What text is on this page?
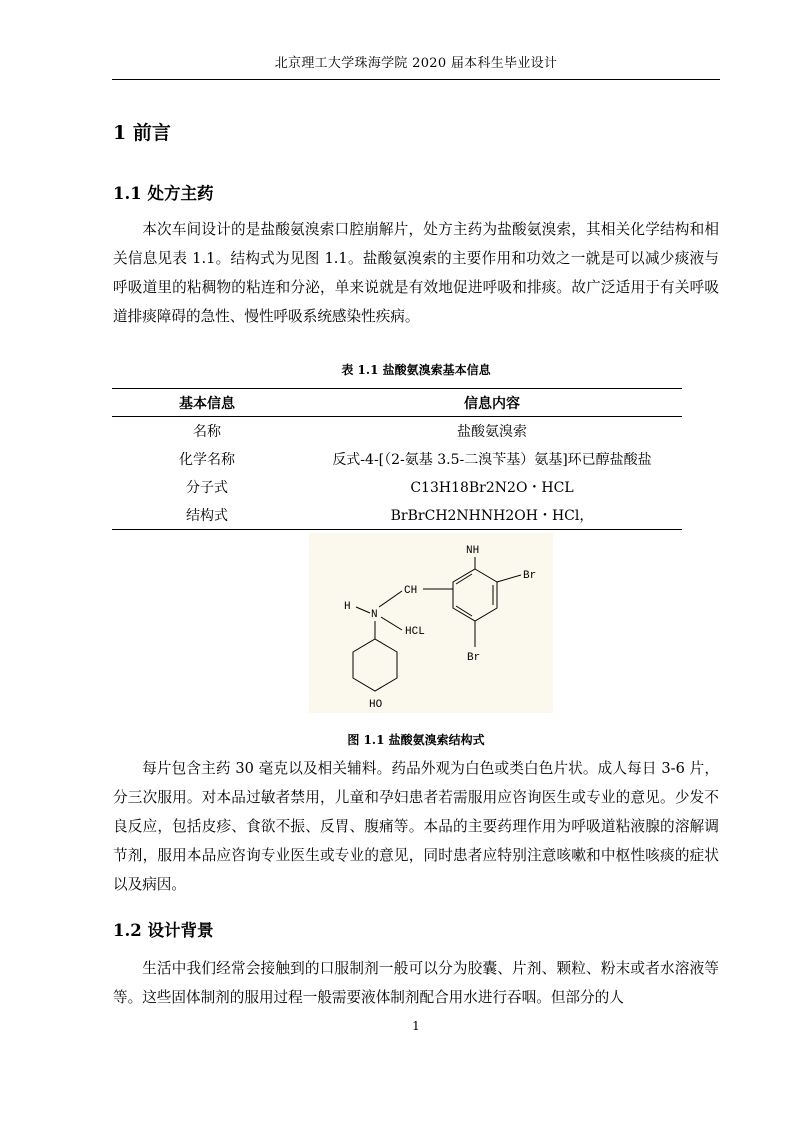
北京理工大学珠海学院 2020 届本科生毕业设计
1 前言
1.1 处方主药

本次车间设计的是盐酸氨溴索口腔崩解片，处方主药为盐酸氨溴索，其相关化学结构和相关信息见表 1.1。结构式为见图 1.1。盐酸氨溴索的主要作用和功效之一就是可以减少痰液与呼吸道里的粘稠物的粘连和分泌，单来说就是有效地促进呼吸和排痰。故广泛适用于有关呼吸道排痰障碍的急性、慢性呼吸系统感染性疾病。

表 1.1 盐酸氨溴索基本信息
基本信息	信息内容
名称	盐酸氨溴索
化学名称	反式-4-[（2-氨基 3.5-二溴苄基）氨基]环已醇盐酸盐
分子式	C13H18Br2N2O・HCL
结构式	BrBrCH2NHNH2OH・HCl，
NH
Br
CH
H
N
HCL
Br
HO
图 1.1 盐酸氨溴索结构式

每片包含主药 30 毫克以及相关辅料。药品外观为白色或类白色片状。成人每日 3-6 片，分三次服用。对本品过敏者禁用，儿童和孕妇患者若需服用应咨询医生或专业的意见。少发不良反应，包括皮疹、食欲不振、反胃、腹痛等。本品的主要药理作用为呼吸道粘液腺的溶解调节剂，服用本品应咨询专业医生或专业的意见，同时患者应特别注意咳嗽和中枢性咳痰的症状以及病因。

1.2 设计背景

生活中我们经常会接触到的口服制剂一般可以分为胶囊、片剂、颗粒、粉末或者水溶液等等。这些固体制剂的服用过程一般需要液体制剂配合用水进行吞咽。但部分的人

1
